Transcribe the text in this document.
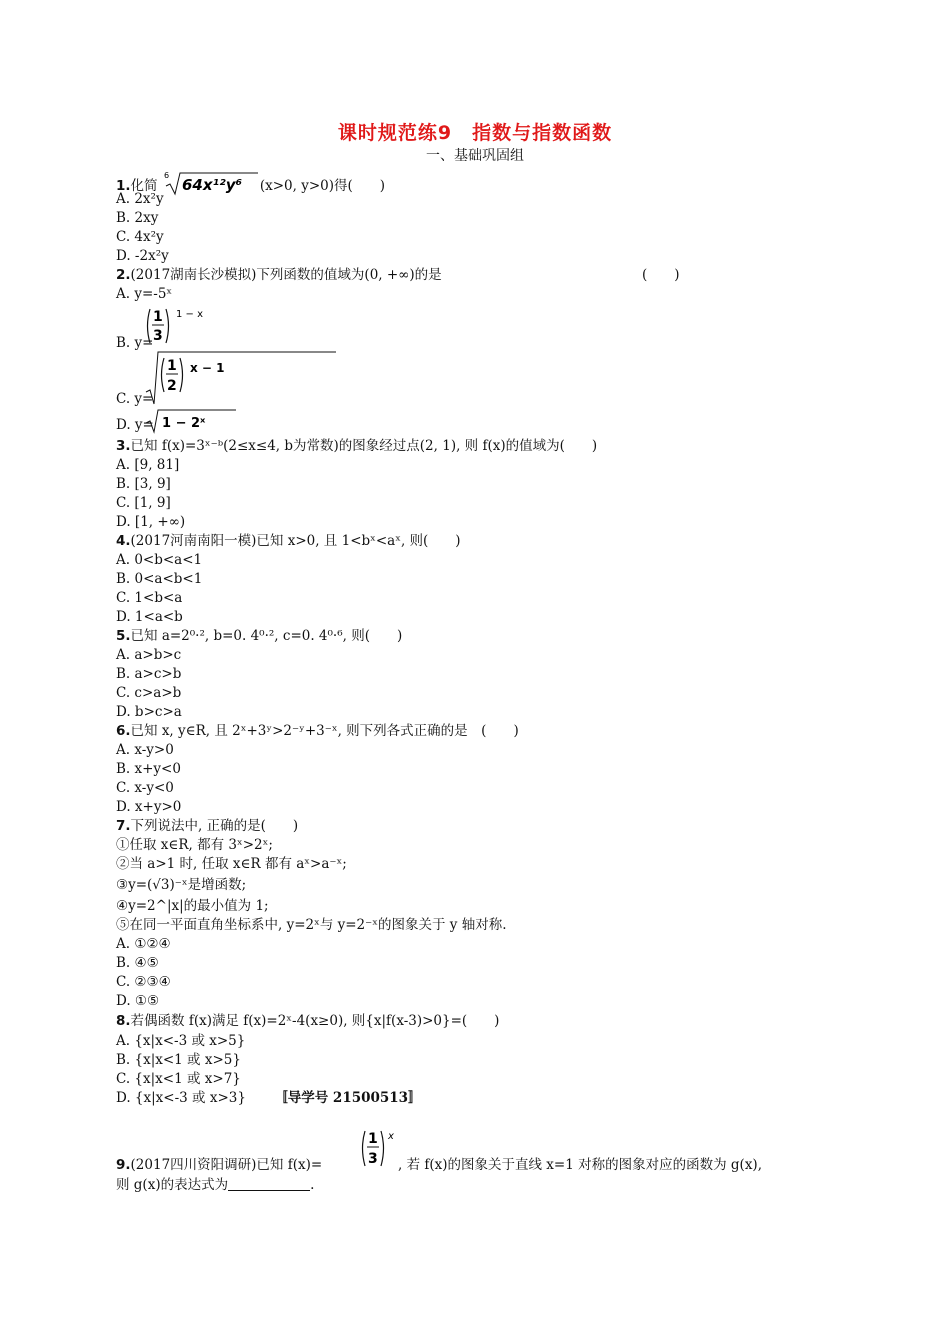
课时规范练9　指数与指数函数
一、基础巩固组
1.化简
6
64x¹²y⁶ (x>0, y>0)得(　　)
A. 2x²y
B. 2xy
C. 4x²y
D. -2x²y
2.(2017湖南长沙模拟)下列函数的值域为(0, +∞)的是	(　　)
A. y=-5ˣ
B. y=
1
3
1 − x
C. y=
1
2
x − 1
D. y= 1 − 2ˣ
3.已知 f(x)=3ˣ⁻ᵇ(2≤x≤4, b为常数)的图象经过点(2, 1), 则 f(x)的值域为(　　)
A. [9, 81]
B. [3, 9]
C. [1, 9]
D. [1, +∞)
4.(2017河南南阳一模)已知 x>0, 且 1<bˣ<aˣ, 则(　　)
A. 0<b<a<1
B. 0<a<b<1
C. 1<b<a
D. 1<a<b
5.已知 a=2⁰·², b=0. 4⁰·², c=0. 4⁰·⁶, 则(　　)
A. a>b>c
B. a>c>b
C. c>a>b
D. b>c>a
6.已知 x, y∈R, 且 2ˣ+3ʸ>2⁻ʸ+3⁻ˣ, 则下列各式正确的是　(　　)
A. x-y>0
B. x+y<0
C. x-y<0
D. x+y>0
7.下列说法中, 正确的是(　　)
①任取 x∈R, 都有 3ˣ>2ˣ;
②当 a>1 时, 任取 x∈R 都有 aˣ>a⁻ˣ;
③y=(√3)⁻ˣ是增函数;
④y=2^|x|的最小值为 1;
⑤在同一平面直角坐标系中, y=2ˣ与 y=2⁻ˣ的图象关于 y 轴对称.
A. ①②④
B. ④⑤
C. ②③④
D. ①⑤
8.若偶函数 f(x)满足 f(x)=2ˣ-4(x≥0), 则{x|f(x-3)>0}=(　　)
A. {x|x<-3 或 x>5}
B. {x|x<1 或 x>5}
C. {x|x<1 或 x>7}
D. {x|x<-3 或 x>3} 〚导学号 21500513〛
9.(2017四川资阳调研)已知 f(x)=
1
3
x
, 若 f(x)的图象关于直线 x=1 对称的图象对应的函数为 g(x),
则 g(x)的表达式为	.
